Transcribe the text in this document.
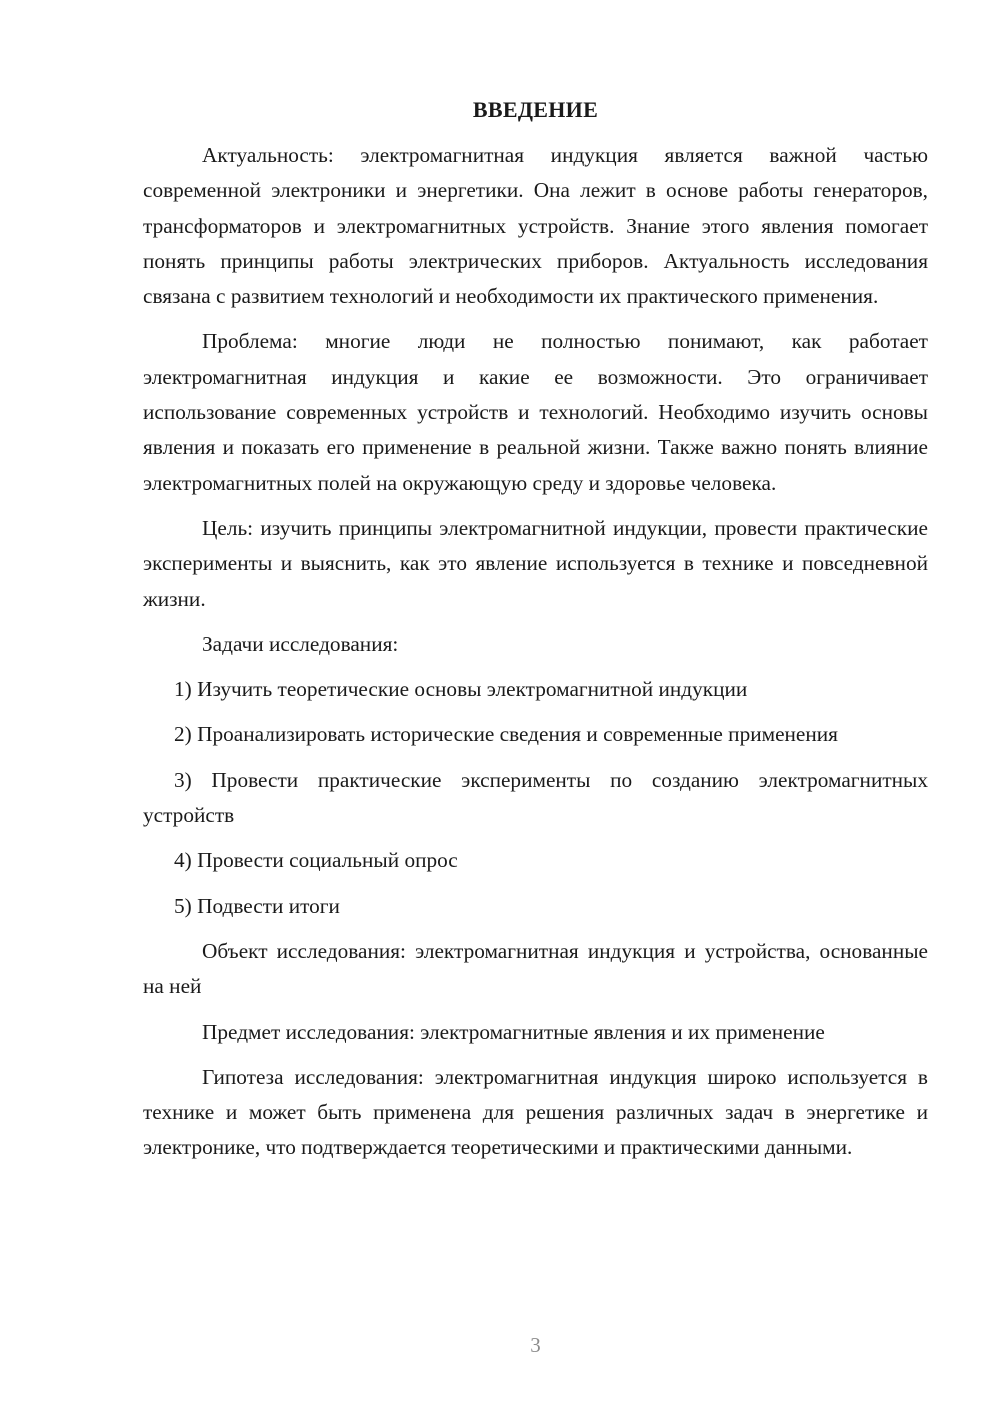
ВВЕДЕНИЕ

Актуальность: электромагнитная индукция является важной частью современной электроники и энергетики. Она лежит в основе работы генераторов, трансформаторов и электромагнитных устройств. Знание этого явления помогает понять принципы работы электрических приборов. Актуальность исследования связана с развитием технологий и необходимости их практического применения.

Проблема: многие люди не полностью понимают, как работает электромагнитная индукция и какие ее возможности. Это ограничивает использование современных устройств и технологий. Необходимо изучить основы явления и показать его применение в реальной жизни. Также важно понять влияние электромагнитных полей на окружающую среду и здоровье человека.

Цель: изучить принципы электромагнитной индукции, провести практические эксперименты и выяснить, как это явление используется в технике и повседневной жизни.

Задачи исследования:

1) Изучить теоретические основы электромагнитной индукции

2) Проанализировать исторические сведения и современные применения

3) Провести практические эксперименты по созданию электромагнитных устройств

4) Провести социальный опрос

5) Подвести итоги

Объект исследования: электромагнитная индукция и устройства, основанные на ней

Предмет исследования: электромагнитные явления и их применение

Гипотеза исследования: электромагнитная индукция широко используется в технике и может быть применена для решения различных задач в энергетике и электронике, что подтверждается теоретическими и практическими данными.

3
